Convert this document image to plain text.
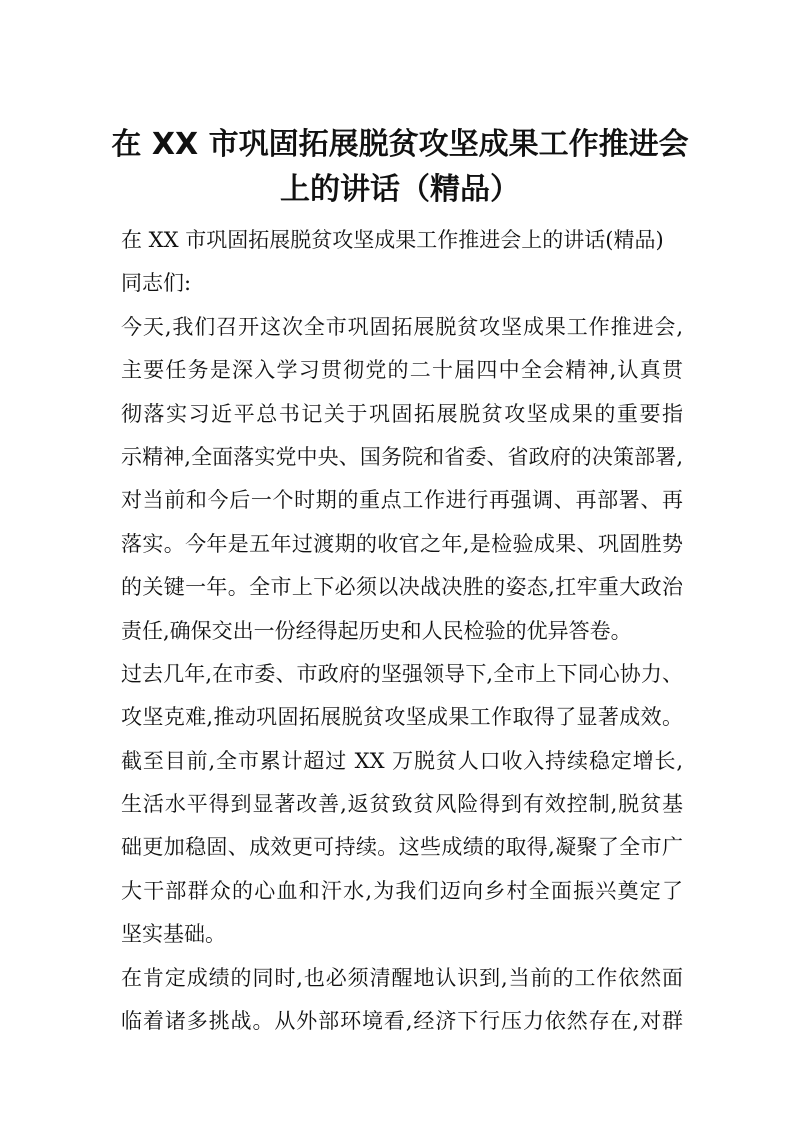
在 XX 市巩固拓展脱贫攻坚成果工作推进会
上的讲话（精品）
在 XX 市巩固拓展脱贫攻坚成果工作推进会上的讲话(精品)
同志们:
今天,我们召开这次全市巩固拓展脱贫攻坚成果工作推进会,
主要任务是深入学习贯彻党的二十届四中全会精神,认真贯
彻落实习近平总书记关于巩固拓展脱贫攻坚成果的重要指
示精神,全面落实党中央、国务院和省委、省政府的决策部署,
对当前和今后一个时期的重点工作进行再强调、再部署、再
落实。今年是五年过渡期的收官之年,是检验成果、巩固胜势
的关键一年。全市上下必须以决战决胜的姿态,扛牢重大政治
责任,确保交出一份经得起历史和人民检验的优异答卷。
过去几年,在市委、市政府的坚强领导下,全市上下同心协力、
攻坚克难,推动巩固拓展脱贫攻坚成果工作取得了显著成效。
截至目前,全市累计超过 XX 万脱贫人口收入持续稳定增长,
生活水平得到显著改善,返贫致贫风险得到有效控制,脱贫基
础更加稳固、成效更可持续。这些成绩的取得,凝聚了全市广
大干部群众的心血和汗水,为我们迈向乡村全面振兴奠定了
坚实基础。
在肯定成绩的同时,也必须清醒地认识到,当前的工作依然面
临着诸多挑战。从外部环境看,经济下行压力依然存在,对群
